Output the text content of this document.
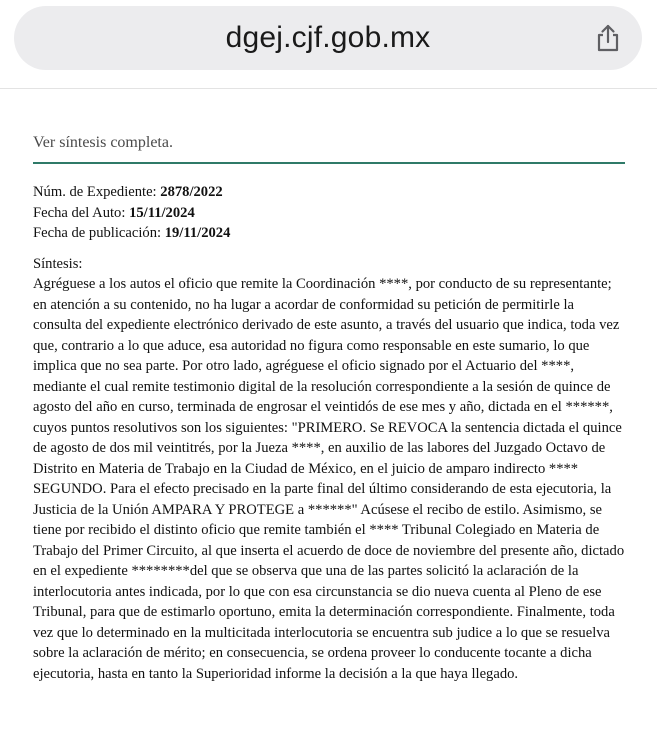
dgej.cjf.gob.mx
Ver síntesis completa.
Núm. de Expediente: 2878/2022
Fecha del Auto: 15/11/2024
Fecha de publicación: 19/11/2024
Síntesis:

Agréguese a los autos el oficio que remite la Coordinación ****, por conducto de su representante; en atención a su contenido, no ha lugar a acordar de conformidad su petición de permitirle la consulta del expediente electrónico derivado de este asunto, a través del usuario que indica, toda vez que, contrario a lo que aduce, esa autoridad no figura como responsable en este sumario, lo que implica que no sea parte. Por otro lado, agréguese el oficio signado por el Actuario del ****, mediante el cual remite testimonio digital de la resolución correspondiente a la sesión de quince de agosto del año en curso, terminada de engrosar el veintidós de ese mes y año, dictada en el ******, cuyos puntos resolutivos son los siguientes: "PRIMERO. Se REVOCA la sentencia dictada el quince de agosto de dos mil veintitrés, por la Jueza ****, en auxilio de las labores del Juzgado Octavo de Distrito en Materia de Trabajo en la Ciudad de México, en el juicio de amparo indirecto **** SEGUNDO. Para el efecto precisado en la parte final del último considerando de esta ejecutoria, la Justicia de la Unión AMPARA Y PROTEGE a ******" Acúsese el recibo de estilo. Asimismo, se tiene por recibido el distinto oficio que remite también el **** Tribunal Colegiado en Materia de Trabajo del Primer Circuito, al que inserta el acuerdo de doce de noviembre del presente año, dictado en el expediente ********del que se observa que una de las partes solicitó la aclaración de la interlocutoria antes indicada, por lo que con esa circunstancia se dio nueva cuenta al Pleno de ese Tribunal, para que de estimarlo oportuno, emita la determinación correspondiente. Finalmente, toda vez que lo determinado en la multicitada interlocutoria se encuentra sub judice a lo que se resuelva sobre la aclaración de mérito; en consecuencia, se ordena proveer lo conducente tocante a dicha ejecutoria, hasta en tanto la Superioridad informe la decisión a la que haya llegado.
